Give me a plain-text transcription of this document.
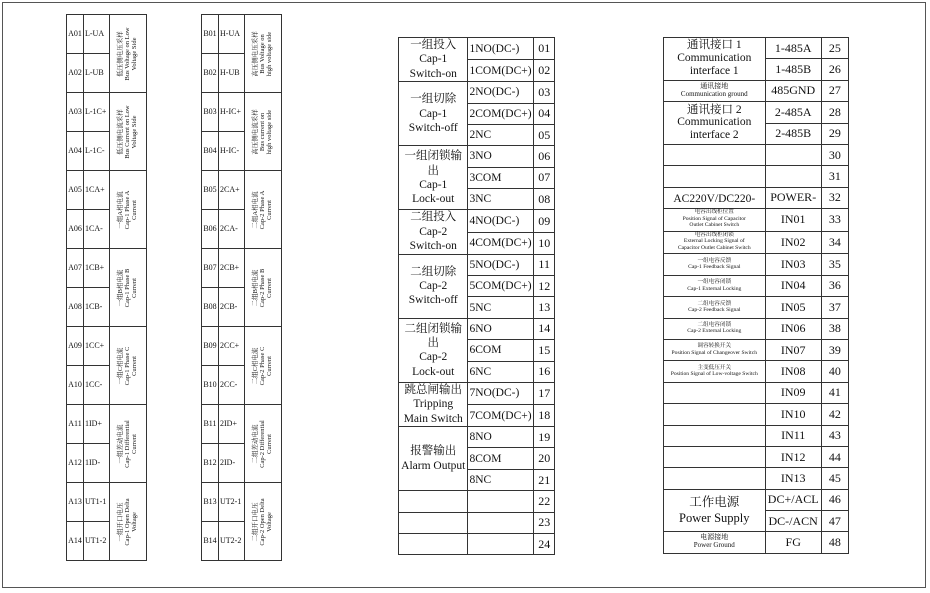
A01	L-UA	低压侧电压采样
Bus Voltage on Low
Voltage Side

A02	L-UB	
A03	L-1C+	低压侧电流采样
Bus Current on Low
Voltage Side

A04	L-1C-	
A05	1CA+	一组A相电流
Cap-1 Phase A
Current

A06	1CA-	
A07	1CB+	一组B相电流
Cap-1 Phase B
Current

A08	1CB-	
A09	1CC+	一组C相电流
Cap-1 Phase C
Current

A10	1CC-	
A11	1ID+	一组差动电流
Cap-1 Differential
Current

A12	1ID-	
A13	UT1-1	一组开口电压
Cap-1 Open Delta
Voltage

A14	UT1-2	
B01	H-UA	高压侧电压采样
Bus Voltage on
high voltage side

B02	H-UB	
B03	H-IC+	高压侧电流采样
Bus current on
high voltage side

B04	H-IC-	
B05	2CA+	二组A相电流
Cap-2 Phase A
Current

B06	2CA-	
B07	2CB+	二组B相电流
Cap-2 Phase B
Current

B08	2CB-	
B09	2CC+	二组C相电流
Cap-2 Phase C
Current

B10	2CC-	
B11	2ID+	二组差动电流
Cap-2 Differential
Current

B12	2ID-	
B13	UT2-1	二组开口电压
Cap-2 Open Delta
Voltage

B14	UT2-2	
一组投入
Cap-1
Switch-on	1NO(DC-)	01
	1COM(DC+)	02
一组切除
Cap-1
Switch-off	2NO(DC-)	03
	2COM(DC+)	04
	2NC	05
一组闭锁输出
Cap-1
Lock-out	3NO	06
	3COM	07
	3NC	08
二组投入
Cap-2
Switch-on	4NO(DC-)	09
	4COM(DC+)	10
二组切除
Cap-2
Switch-off	5NO(DC-)	11
	5COM(DC+)	12
	5NC	13
二组闭锁输出
Cap-2
Lock-out	6NO	14
	6COM	15
	6NC	16
跳总闸输出
Tripping
Main Switch	7NO(DC-)	17
	7COM(DC+)	18
报警输出
Alarm Output	8NO	19
	8COM	20
	8NC	21
		22
		23
		24
通讯接口 1
Communication
interface 1	1-485A	25
	1-485B	26
通讯接地
Communication ground	485GND	27
通讯接口 2
Communication
interface 2	2-485A	28
	2-485B	29
		30
		31
AC220V/DC220-	POWER-	32
电容出线柜位置
Position Signal of Capacitor
Outlet Cabinet Switch	IN01	33
电容出线柜闭锁
External Locking Signal of
Capacitor Outlet Cabinet Switch	IN02	34
一组电容反馈
Cap-1 Feedback Signal	IN03	35
一组电容闭锁
Cap-1 External Locking	IN04	36
二组电容反馈
Cap-2 Feedback Signal	IN05	37
二组电容闭锁
Cap-2 External Locking	IN06	38
调容转换开关
Position Signal of Changeover Switch	IN07	39
主变低压开关
Position Signal of Low-voltage Switch	IN08	40
	IN09	41
	IN10	42
	IN11	43
	IN12	44
	IN13	45
工作电源
Power Supply	DC+/ACL	46
	DC-/ACN	47
电源接地
Power Ground	FG	48
